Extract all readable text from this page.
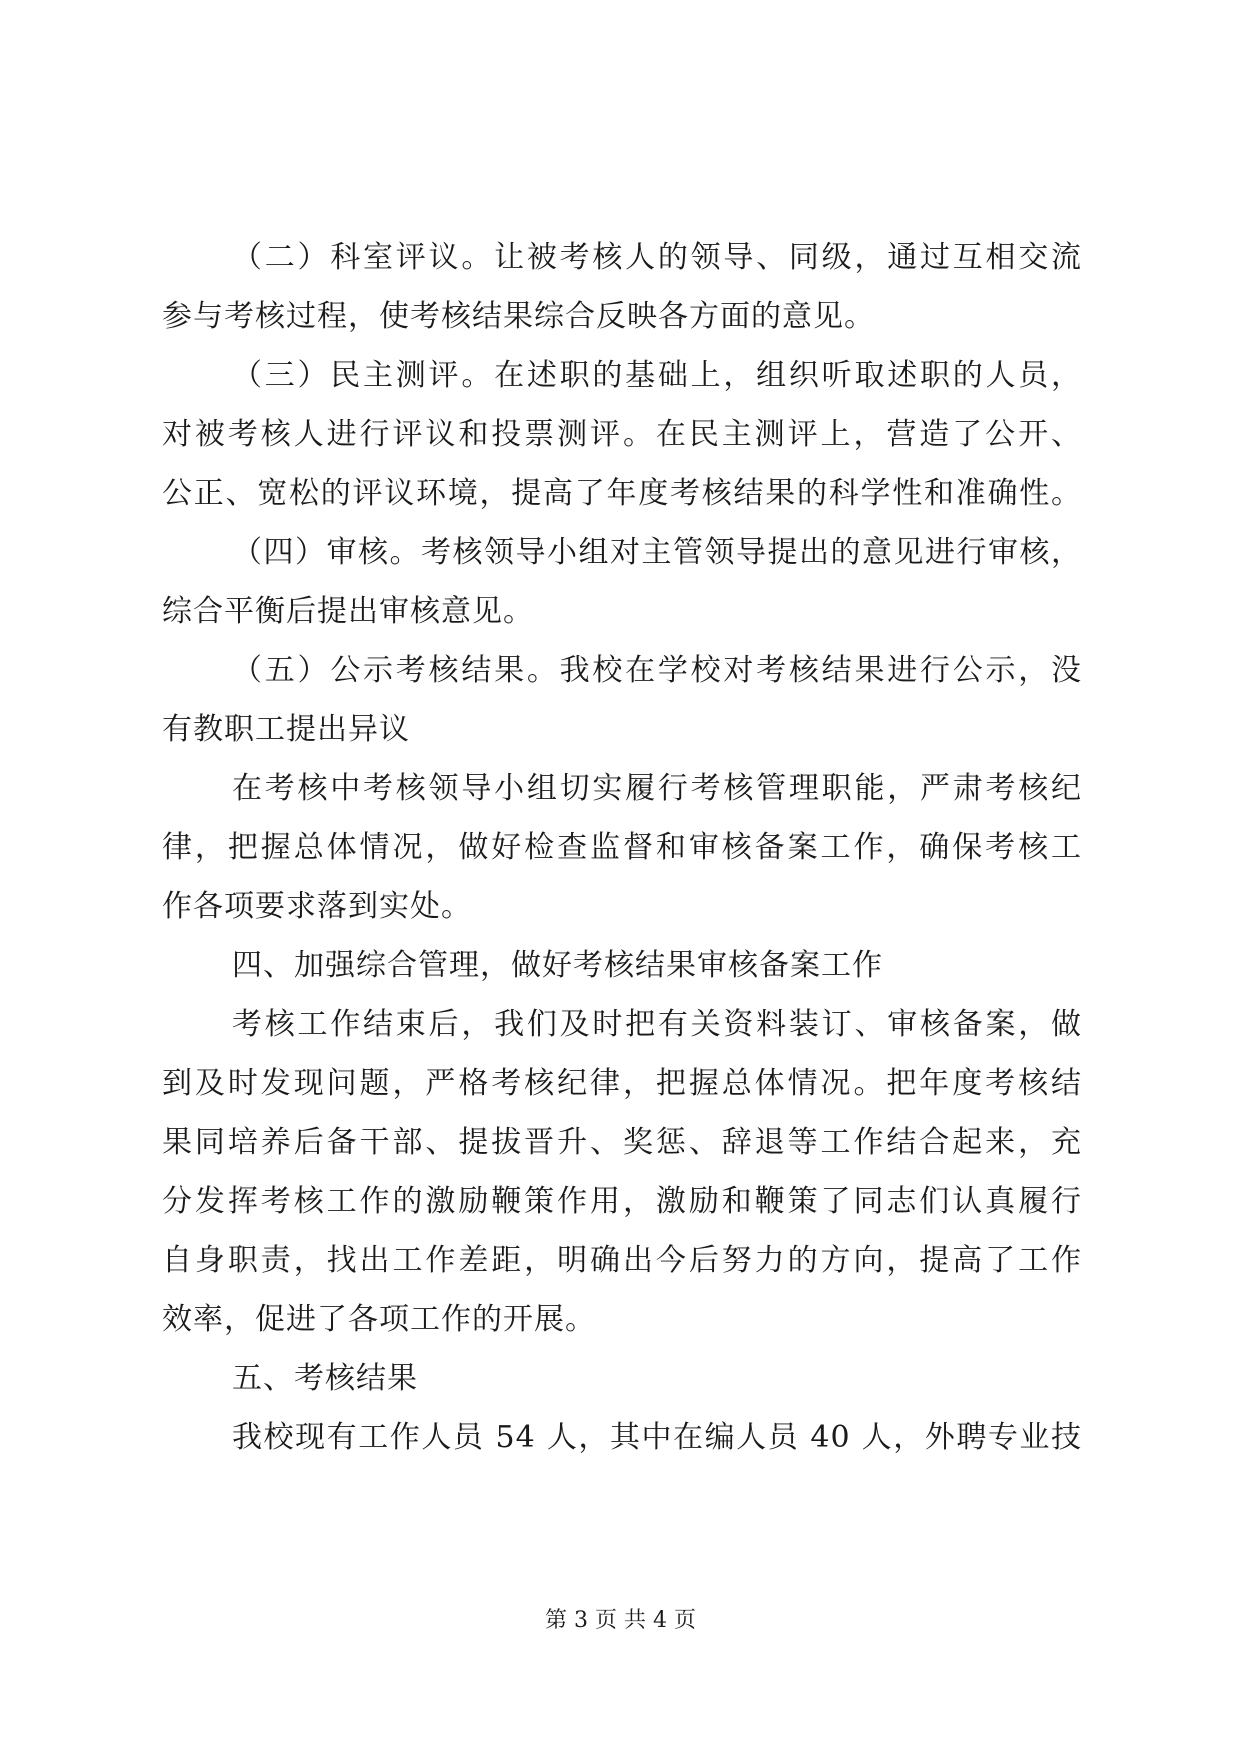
（二）科室评议。让被考核人的领导、同级，通过互相交流
参与考核过程，使考核结果综合反映各方面的意见。
（三）民主测评。在述职的基础上，组织听取述职的人员，
对被考核人进行评议和投票测评。在民主测评上，营造了公开、
公正、宽松的评议环境，提高了年度考核结果的科学性和准确性。
（四）审核。考核领导小组对主管领导提出的意见进行审核，
综合平衡后提出审核意见。
（五）公示考核结果。我校在学校对考核结果进行公示，没
有教职工提出异议
在考核中考核领导小组切实履行考核管理职能，严肃考核纪
律，把握总体情况，做好检查监督和审核备案工作，确保考核工
作各项要求落到实处。
四、加强综合管理，做好考核结果审核备案工作
考核工作结束后，我们及时把有关资料装订、审核备案，做
到及时发现问题，严格考核纪律，把握总体情况。把年度考核结
果同培养后备干部、提拔晋升、奖惩、辞退等工作结合起来，充
分发挥考核工作的激励鞭策作用，激励和鞭策了同志们认真履行
自身职责，找出工作差距，明确出今后努力的方向，提高了工作
效率，促进了各项工作的开展。
五、考核结果
我校现有工作人员 54 人，其中在编人员 40 人，外聘专业技
第 3 页 共 4 页
